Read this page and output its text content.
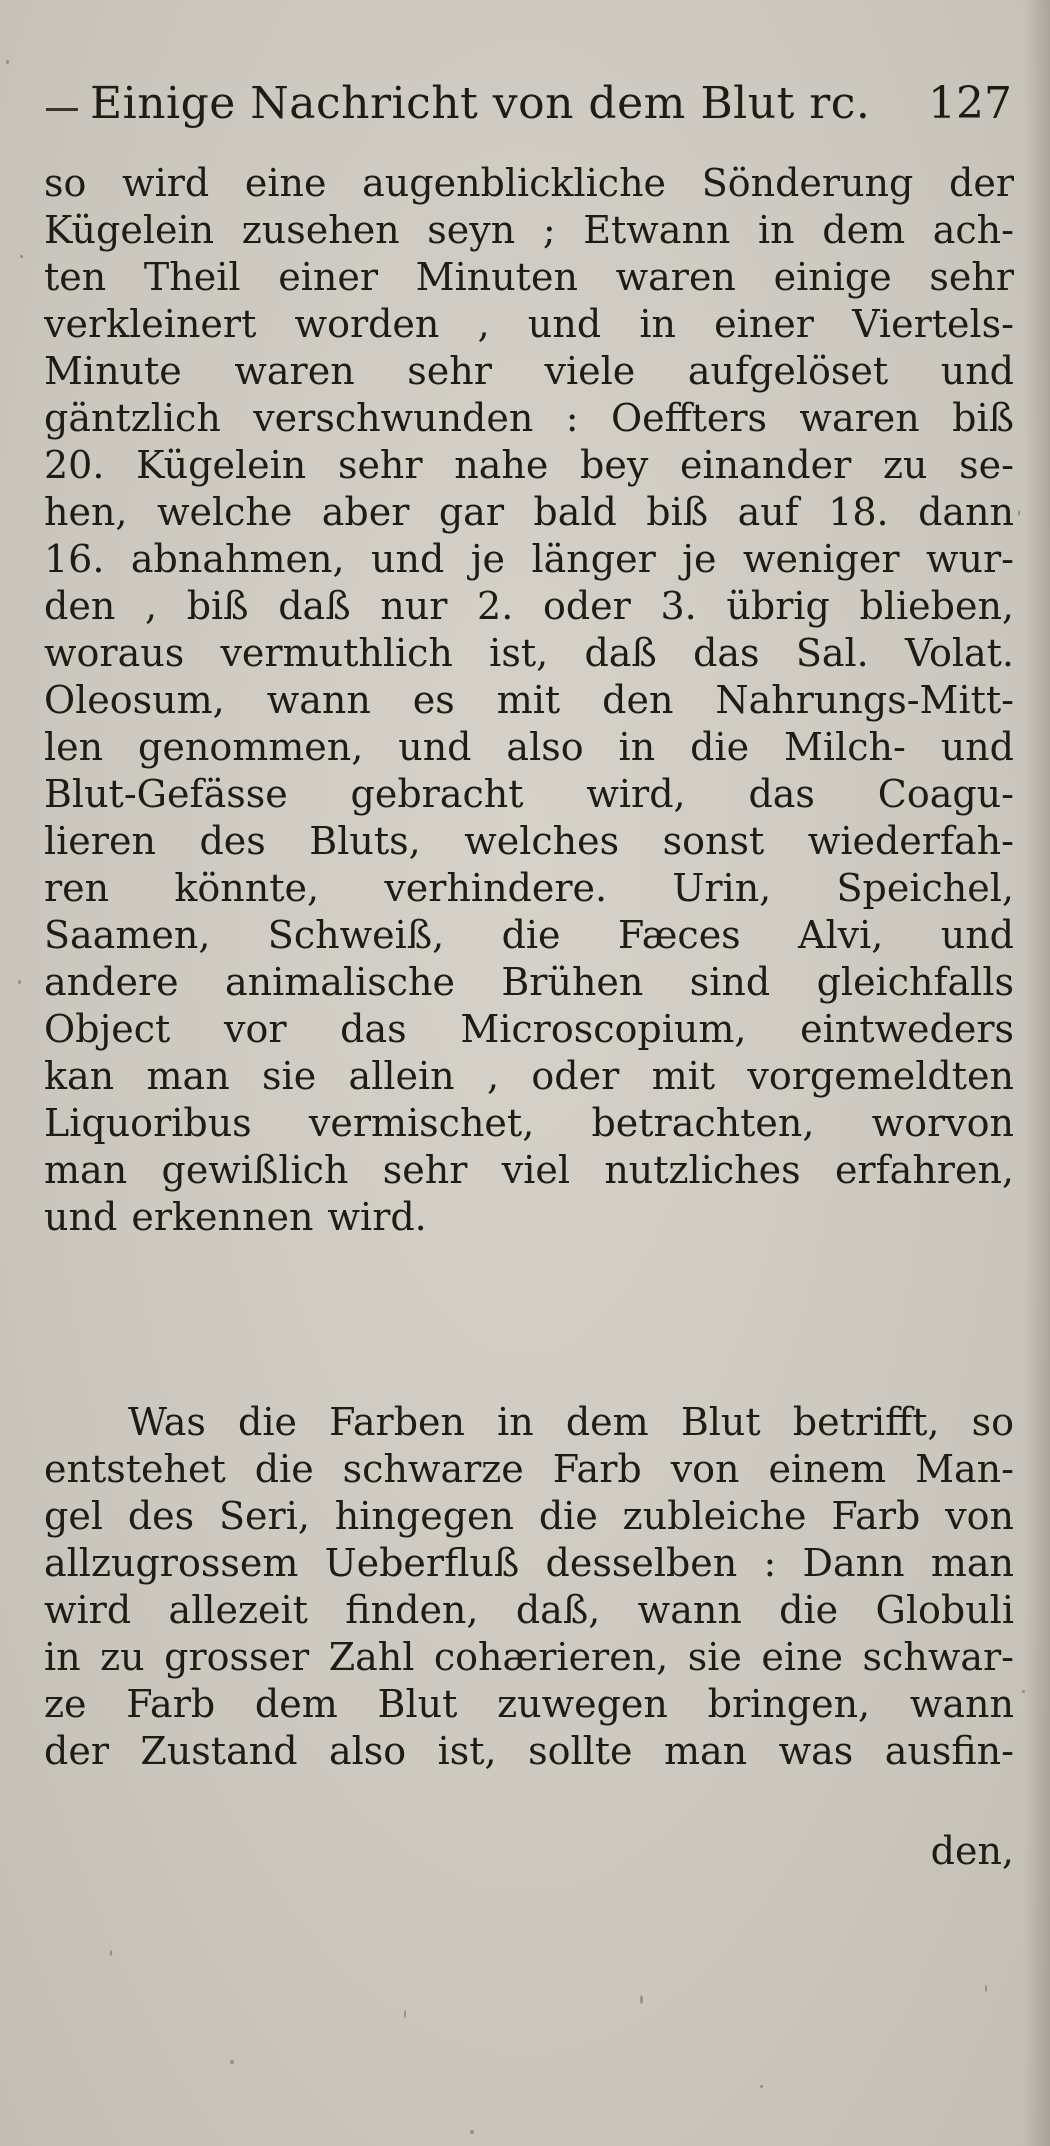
Einige Nachricht von dem Blut rc. 127
so wird eine augenblickliche Sönderung der
Kügelein zusehen seyn ; Etwann in dem ach-
ten Theil einer Minuten waren einige sehr
verkleinert worden , und in einer Viertels-
Minute waren sehr viele aufgelöset und
gäntzlich verschwunden : Oeffters waren biß
20. Kügelein sehr nahe bey einander zu se-
hen, welche aber gar bald biß auf 18. dann
16. abnahmen, und je länger je weniger wur-
den , biß daß nur 2. oder 3. übrig blieben,
woraus vermuthlich ist, daß das Sal. Volat.
Oleosum, wann es mit den Nahrungs-Mitt-
len genommen, und also in die Milch- und
Blut-Gefässe gebracht wird, das Coagu-
lieren des Bluts, welches sonst wiederfah-
ren könnte, verhindere. Urin, Speichel,
Saamen, Schweiß, die Fæces Alvi, und
andere animalische Brühen sind gleichfalls
Object vor das Microscopium, eintweders
kan man sie allein , oder mit vorgemeldten
Liquoribus vermischet, betrachten, worvon
man gewißlich sehr viel nutzliches erfahren,
und erkennen wird.
Was die Farben in dem Blut betrifft, so
entstehet die schwarze Farb von einem Man-
gel des Seri, hingegen die zubleiche Farb von
allzugrossem Ueberfluß desselben : Dann man
wird allezeit finden, daß, wann die Globuli
in zu grosser Zahl cohærieren, sie eine schwar-
ze Farb dem Blut zuwegen bringen, wann
der Zustand also ist, sollte man was ausfin-
den,
